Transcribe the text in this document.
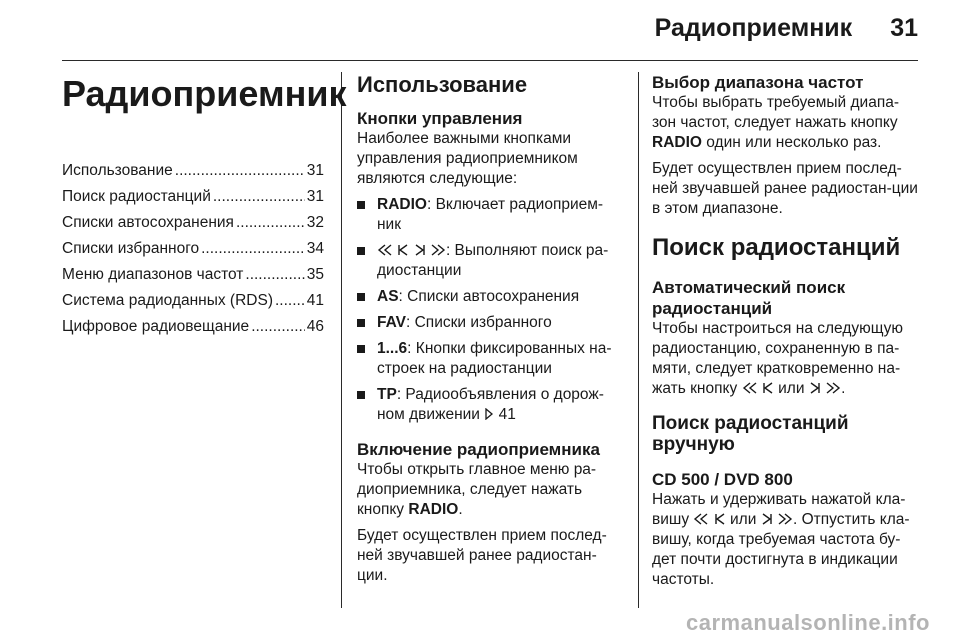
Радиоприемник 31
Радиоприемник
Использование .....	31
Поиск радиостанций .....	31
Списки автосохранения .....	32
Списки избранного .....	34
Меню диапазонов частот .....	35
Система радиоданных (RDS) ..... 41
Цифровое радиовещание .....	46
Использование
Кнопки управления

Наиболее важными кнопками управления радиоприемником являются следующие:

RADIO: Включает радиоприем-ник
: Выполняют поиск ра-диостанции
AS: Списки автосохранения
FAV: Списки избранного
1...6: Кнопки фиксированных на-строек на радиостанции
TP: Радиообъявления о дорож-ном движении 41
Включение радиоприемника

Чтобы открыть главное меню ра-диоприемника, следует нажать кнопку RADIO.

Будет осуществлен прием послед-ней звучавшей ранее радиостан-ции.

Выбор диапазона частот

Чтобы выбрать требуемый диапа-зон частот, следует нажать кнопку RADIO один или несколько раз.

Будет осуществлен прием послед-ней звучавшей ранее радиостан-ции в этом диапазоне.

Поиск радиостанций
Автоматический поиск радиостанций

Чтобы настроиться на следующую радиостанцию, сохраненную в па-мяти, следует кратковременно на-жать кнопку	или .

Поиск радиостанций вручную
CD 500 / DVD 800

Нажать и удерживать нажатой кла-вишу	или . Отпустить кла-вишу, когда требуемая частота бу-дет почти достигнута в индикации частоты.

carmanualsonline.info
